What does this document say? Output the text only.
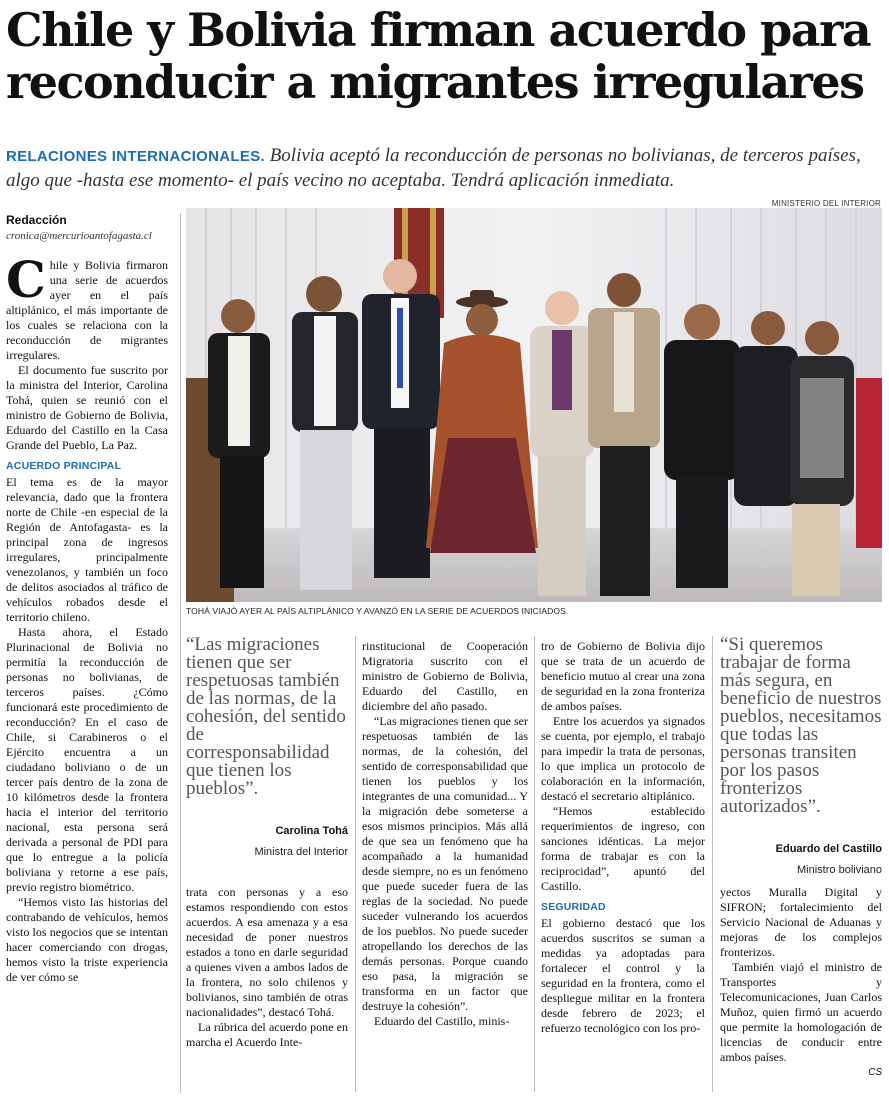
Chile y Bolivia firman acuerdo para reconducir a migrantes irregulares

RELACIONES INTERNACIONALES. Bolivia aceptó la reconducción de personas no bolivianas, de terceros países, algo que -hasta ese momento- el país vecino no aceptaba. Tendrá aplicación inmediata.

Redacción
cronica@mercurioantofagasta.cl
MINISTERIO DEL INTERIOR
TOHÁ VIAJÓ AYER AL PAÍS ALTIPLÁNICO Y AVANZÓ EN LA SERIE DE ACUERDOS INICIADOS.

Chile y Bolivia firmaron una serie de acuerdos ayer en el país altiplánico, el más importante de los cuales se relaciona con la reconducción de migrantes irregulares.

El documento fue suscrito por la ministra del Interior, Carolina Tohá, quien se reunió con el ministro de Gobierno de Bolivia, Eduardo del Castillo en la Casa Grande del Pueblo, La Paz.

ACUERDO PRINCIPAL

El tema es de la mayor relevancia, dado que la frontera norte de Chile -en especial de la Región de Antofagasta- es la principal zona de ingresos irregulares, principalmente venezolanos, y también un foco de delitos asociados al tráfico de vehículos robados desde el territorio chileno.

Hasta ahora, el Estado Plurinacional de Bolivia no permitía la reconducción de personas no bolivianas, de terceros países. ¿Cómo funcionará este procedimiento de reconducción? En el caso de Chile, si Carabineros o el Ejército encuentra a un ciudadano boliviano o de un tercer país dentro de la zona de 10 kilómetros desde la frontera hacia el interior del territorio nacional, esta persona será derivada a personal de PDI para que lo entregue a la policía boliviana y retorne a ese país, previo registro biométrico.

“Hemos visto las historias del contrabando de vehículos, hemos visto los negocios que se intentan hacer comerciando con drogas, hemos visto la triste experiencia de ver cómo se

“Las migraciones tienen que ser respetuosas también de las normas, de la cohesión, del sentido de corresponsabilidad que tienen los pueblos”.

Carolina Tohá
Ministra del Interior

trata con personas y a eso estamos respondiendo con estos acuerdos. A esa amenaza y a esa necesidad de poner nuestros estados a tono en darle seguridad a quienes viven a ambos lados de la frontera, no solo chilenos y bolivianos, sino también de otras nacionalidades”, destacó Tohá.

La rúbrica del acuerdo pone en marcha el Acuerdo Inte-

rinstitucional de Cooperación Migratoria suscrito con el ministro de Gobierno de Bolivia, Eduardo del Castillo, en diciembre del año pasado.

“Las migraciones tienen que ser respetuosas también de las normas, de la cohesión, del sentido de corresponsabilidad que tienen los pueblos y los integrantes de una comunidad... Y la migración debe someterse a esos mismos principios. Más allá de que sea un fenómeno que ha acompañado a la humanidad desde siempre, no es un fenómeno que puede suceder fuera de las reglas de la sociedad. No puede suceder vulnerando los acuerdos de los pueblos. No puede suceder atropellando los derechos de las demás personas. Porque cuando eso pasa, la migración se transforma en un factor que destruye la cohesión”.

Eduardo del Castillo, minis-

tro de Gobierno de Bolivia dijo que se trata de un acuerdo de beneficio mutuo al crear una zona de seguridad en la zona fronteriza de ambos países.

Entre los acuerdos ya signados se cuenta, por ejemplo, el trabajo para impedir la trata de personas, lo que implica un protocolo de colaboración en la información, destacó el secretario altiplánico.

“Hemos establecido requerimientos de ingreso, con sanciones idénticas. La mejor forma de trabajar es con la reciprocidad”, apuntó del Castillo.

SEGURIDAD

El gobierno destacó que los acuerdos suscritos se suman a medidas ya adoptadas para fortalecer el control y la seguridad en la frontera, como el despliegue militar en la frontera desde febrero de 2023; el refuerzo tecnológico con los pro-

“Si queremos trabajar de forma más segura, en beneficio de nuestros pueblos, necesitamos que todas las personas transiten por los pasos fronterizos autorizados”.

Eduardo del Castillo
Ministro boliviano

yectos Muralla Digital y SIFRON; fortalecimiento del Servicio Nacional de Aduanas y mejoras de los complejos fronterizos.

También viajó el ministro de Transportes y Telecomunicaciones, Juan Carlos Muñoz, quien firmó un acuerdo que permite la homologación de licencias de conducir entre ambos países.

CS
